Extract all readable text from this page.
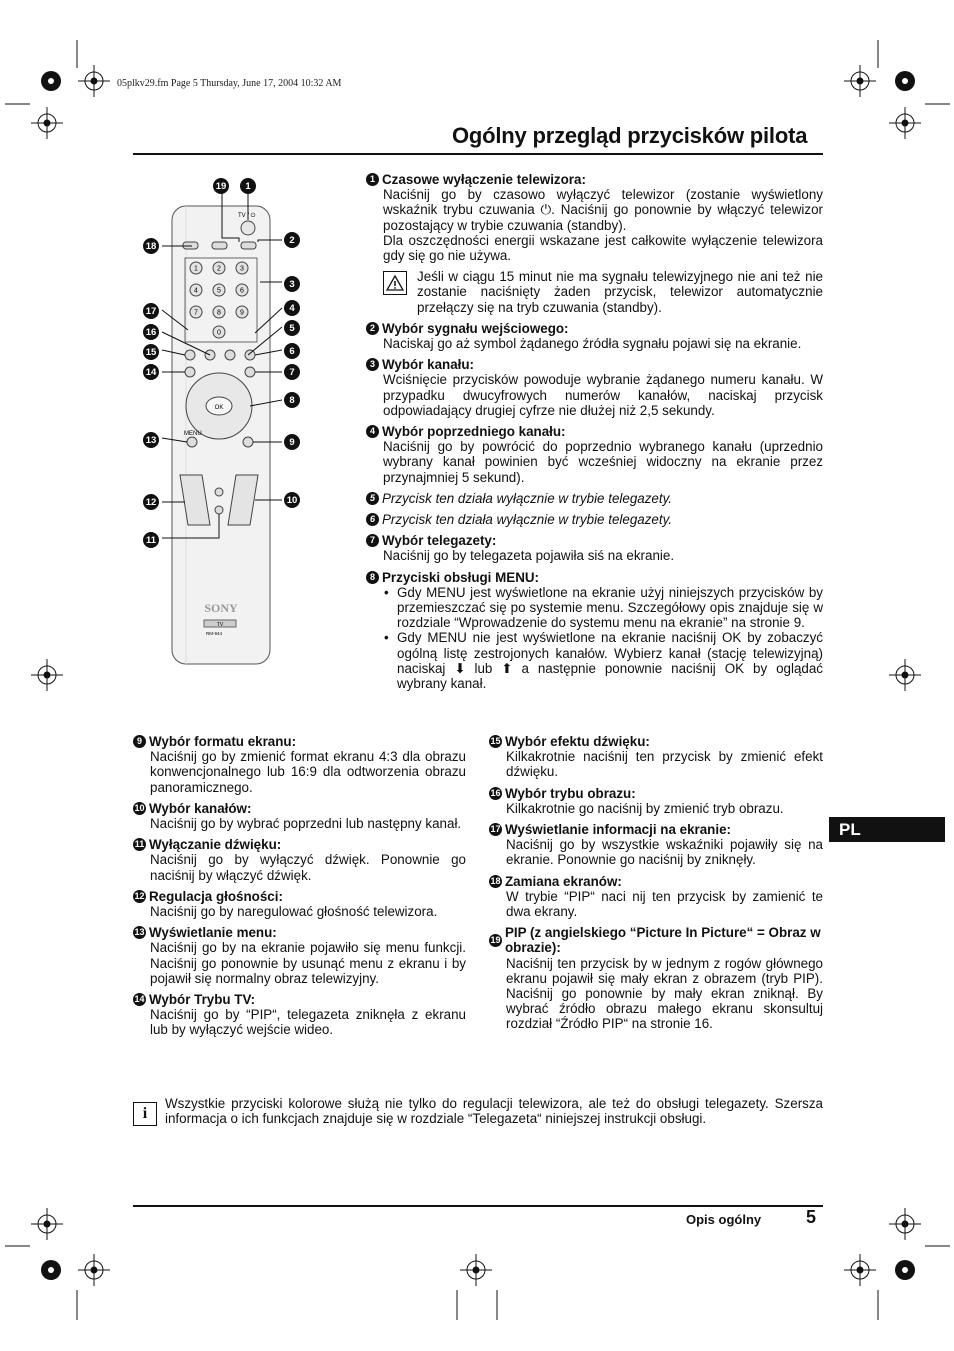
05plkv29.fm Page 5 Thursday, June 17, 2004 10:32 AM
Ogólny przegląd przycisków pilota
PL
TV / ⏻
1	2	3
4	5	6
7	8	9
0
OK
MENU
SONY
TV
RM-944
19
18
17
16
15
14
13
12
11
1
2
3
4
5
6
7
8
9
10
1 Czasowe wyłączenie telewizora:

Naciśnij go by czasowo wyłączyć telewizor (zostanie wyświetlony wskaźnik trybu czuwania ⏻. Naciśnij go ponownie by włączyć telewizor pozostający w trybie czuwania (standby).

Dla oszczędności energii wskazane jest całkowite wyłączenie telewizora gdy się go nie używa.

Jeśli w ciągu 15 minut nie ma sygnału telewizyjnego nie ani też nie zostanie naciśnięty żaden przycisk, telewizor automatycznie przełączy się na tryb czuwania (standby).
2 Wybór sygnału wejściowego:

Naciskaj go aż symbol żądanego źródła sygnału pojawi się na ekranie.

3 Wybór kanału:

Wciśnięcie przycisków powoduje wybranie żądanego numeru kanału. W przypadku dwucyfrowych numerów kanałów, naciskaj przycisk odpowiadający drugiej cyfrze nie dłużej niż 2,5 sekundy.

4 Wybór poprzedniego kanału:

Naciśnij go by powrócić do poprzednio wybranego kanału (uprzednio wybrany kanał powinien być wcześniej widoczny na ekranie przez przynajmniej 5 sekund).

5 Przycisk ten działa wyłącznie w trybie telegazety.
6 Przycisk ten działa wyłącznie w trybie telegazety.
7 Wybór telegazety:

Naciśnij go by telegazeta pojawiła siś na ekranie.

8 Przyciski obsługi MENU:
• Gdy MENU jest wyświetlone na ekranie użyj niniejszych przycisków by przemieszczać się po systemie menu. Szczegółowy opis znajduje się w rozdziale “Wprowadzenie do systemu menu na ekranie” na stronie 9.
• Gdy MENU nie jest wyświetlone na ekranie naciśnij OK by zobaczyć ogólną listę zestrojonych kanałów. Wybierz kanał (stację telewizyjną) naciskaj ⬇ lub ⬆ a następnie ponownie naciśnij OK by oglądać wybrany kanał.
9 Wybór formatu ekranu:

Naciśnij go by zmienić format ekranu 4:3 dla obrazu konwencjonalnego lub 16:9 dla odtworzenia obrazu panoramicznego.

10 Wybór kanałów:

Naciśnij go by wybrać poprzedni lub następny kanał.

11 Wyłączanie dźwięku:

Naciśnij go by wyłączyć dźwięk. Ponownie go naciśnij by włączyć dźwięk.

12 Regulacja głośności:

Naciśnij go by naregulować głośność telewizora.

13 Wyświetlanie menu:

Naciśnij go by na ekranie pojawiło się menu funkcji. Naciśnij go ponownie by usunąć menu z ekranu i by pojawił się normalny obraz telewizyjny.

14 Wybór Trybu TV:

Naciśnij go by “PIP“, telegazeta zniknęła z ekranu lub by wyłączyć wejście wideo.

15 Wybór efektu dźwięku:

Kilkakrotnie naciśnij ten przycisk by zmienić efekt dźwięku.

16 Wybór trybu obrazu:

Kilkakrotnie go naciśnij by zmienić tryb obrazu.

17 Wyświetlanie informacji na ekranie:

Naciśnij go by wszystkie wskaźniki pojawiły się na ekranie. Ponownie go naciśnij by zniknęły.

18 Zamiana ekranów:

W trybie “PIP“ naci nij ten przycisk by zamienić te dwa ekrany.

19 PIP (z angielskiego “Picture In Picture“ = Obraz w obrazie):

Naciśnij ten przycisk by w jednym z rogów głównego ekranu pojawił się mały ekran z obrazem (tryb PIP). Naciśnij go ponownie by mały ekran zniknął. By wybrać źródło obrazu małego ekranu skonsultuj rozdział “Źródło PIP“ na stronie 16.

i
Wszystkie przyciski kolorowe służą nie tylko do regulacji telewizora, ale też do obsługi telegazety. Szersza informacja o ich funkcjach znajduje się w rozdziale “Telegazeta“ niniejszej instrukcji obsługi.
Opis ogólny 5
